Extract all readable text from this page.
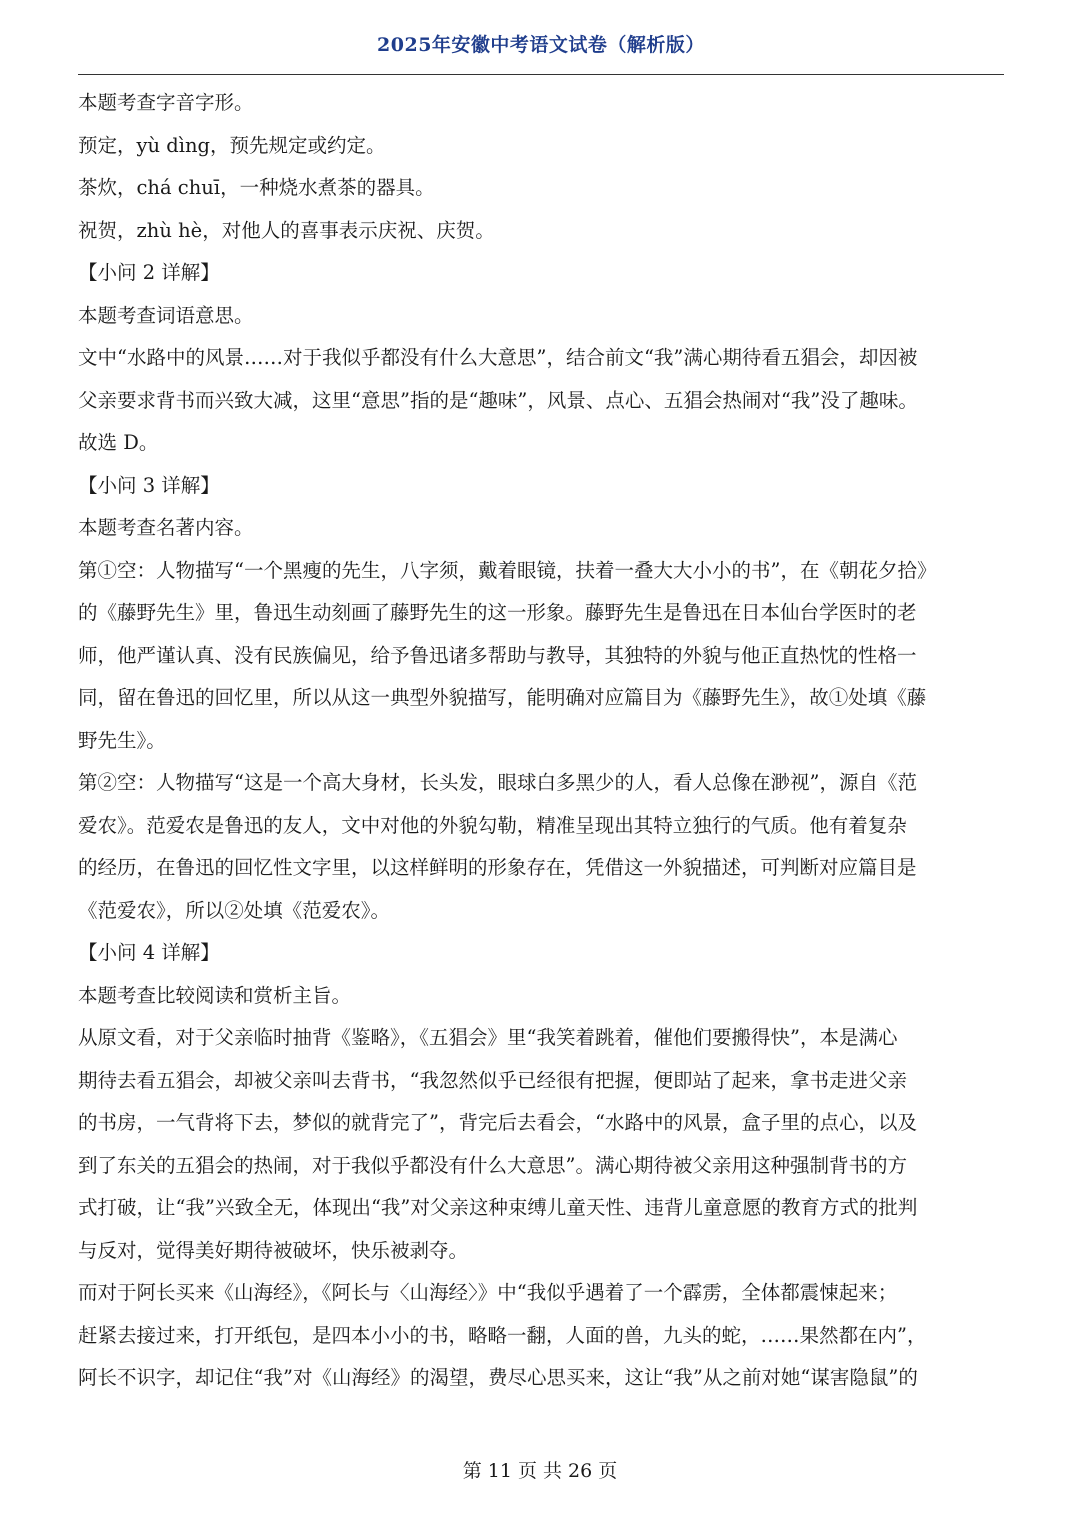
2025年安徽中考语文试卷（解析版）
本题考查字音字形。
预定，yù dìng，预先规定或约定。
茶炊，chá chuī，一种烧水煮茶的器具。
祝贺，zhù hè，对他人的喜事表示庆祝、庆贺。
【小问 2 详解】
本题考查词语意思。
文中“水路中的风景……对于我似乎都没有什么大意思”，结合前文“我”满心期待看五猖会，却因被
父亲要求背书而兴致大减，这里“意思”指的是“趣味”，风景、点心、五猖会热闹对“我”没了趣味。
故选 D。
【小问 3 详解】
本题考查名著内容。
第①空：人物描写“一个黑瘦的先生，八字须，戴着眼镜，扶着一叠大大小小的书”，在《朝花夕拾》
的《藤野先生》里，鲁迅生动刻画了藤野先生的这一形象。藤野先生是鲁迅在日本仙台学医时的老
师，他严谨认真、没有民族偏见，给予鲁迅诸多帮助与教导，其独特的外貌与他正直热忱的性格一
同，留在鲁迅的回忆里，所以从这一典型外貌描写，能明确对应篇目为《藤野先生》，故①处填《藤
野先生》。
第②空：人物描写“这是一个高大身材，长头发，眼球白多黑少的人，看人总像在渺视”，源自《范
爱农》。范爱农是鲁迅的友人，文中对他的外貌勾勒，精准呈现出其特立独行的气质。他有着复杂
的经历，在鲁迅的回忆性文字里，以这样鲜明的形象存在，凭借这一外貌描述，可判断对应篇目是
《范爱农》，所以②处填《范爱农》。
【小问 4 详解】
本题考查比较阅读和赏析主旨。
从原文看，对于父亲临时抽背《鉴略》，《五猖会》里“我笑着跳着，催他们要搬得快”，本是满心
期待去看五猖会，却被父亲叫去背书，“我忽然似乎已经很有把握，便即站了起来，拿书走进父亲
的书房，一气背将下去，梦似的就背完了”，背完后去看会，“水路中的风景，盒子里的点心，以及
到了东关的五猖会的热闹，对于我似乎都没有什么大意思”。满心期待被父亲用这种强制背书的方
式打破，让“我”兴致全无，体现出“我”对父亲这种束缚儿童天性、违背儿童意愿的教育方式的批判
与反对，觉得美好期待被破坏，快乐被剥夺。
而对于阿长买来《山海经》，《阿长与〈山海经〉》中“我似乎遇着了一个霹雳，全体都震悚起来；
赶紧去接过来，打开纸包，是四本小小的书，略略一翻，人面的兽，九头的蛇，……果然都在内”，
阿长不识字，却记住“我”对《山海经》的渴望，费尽心思买来，这让“我”从之前对她“谋害隐鼠”的
第 11 页 共 26 页
